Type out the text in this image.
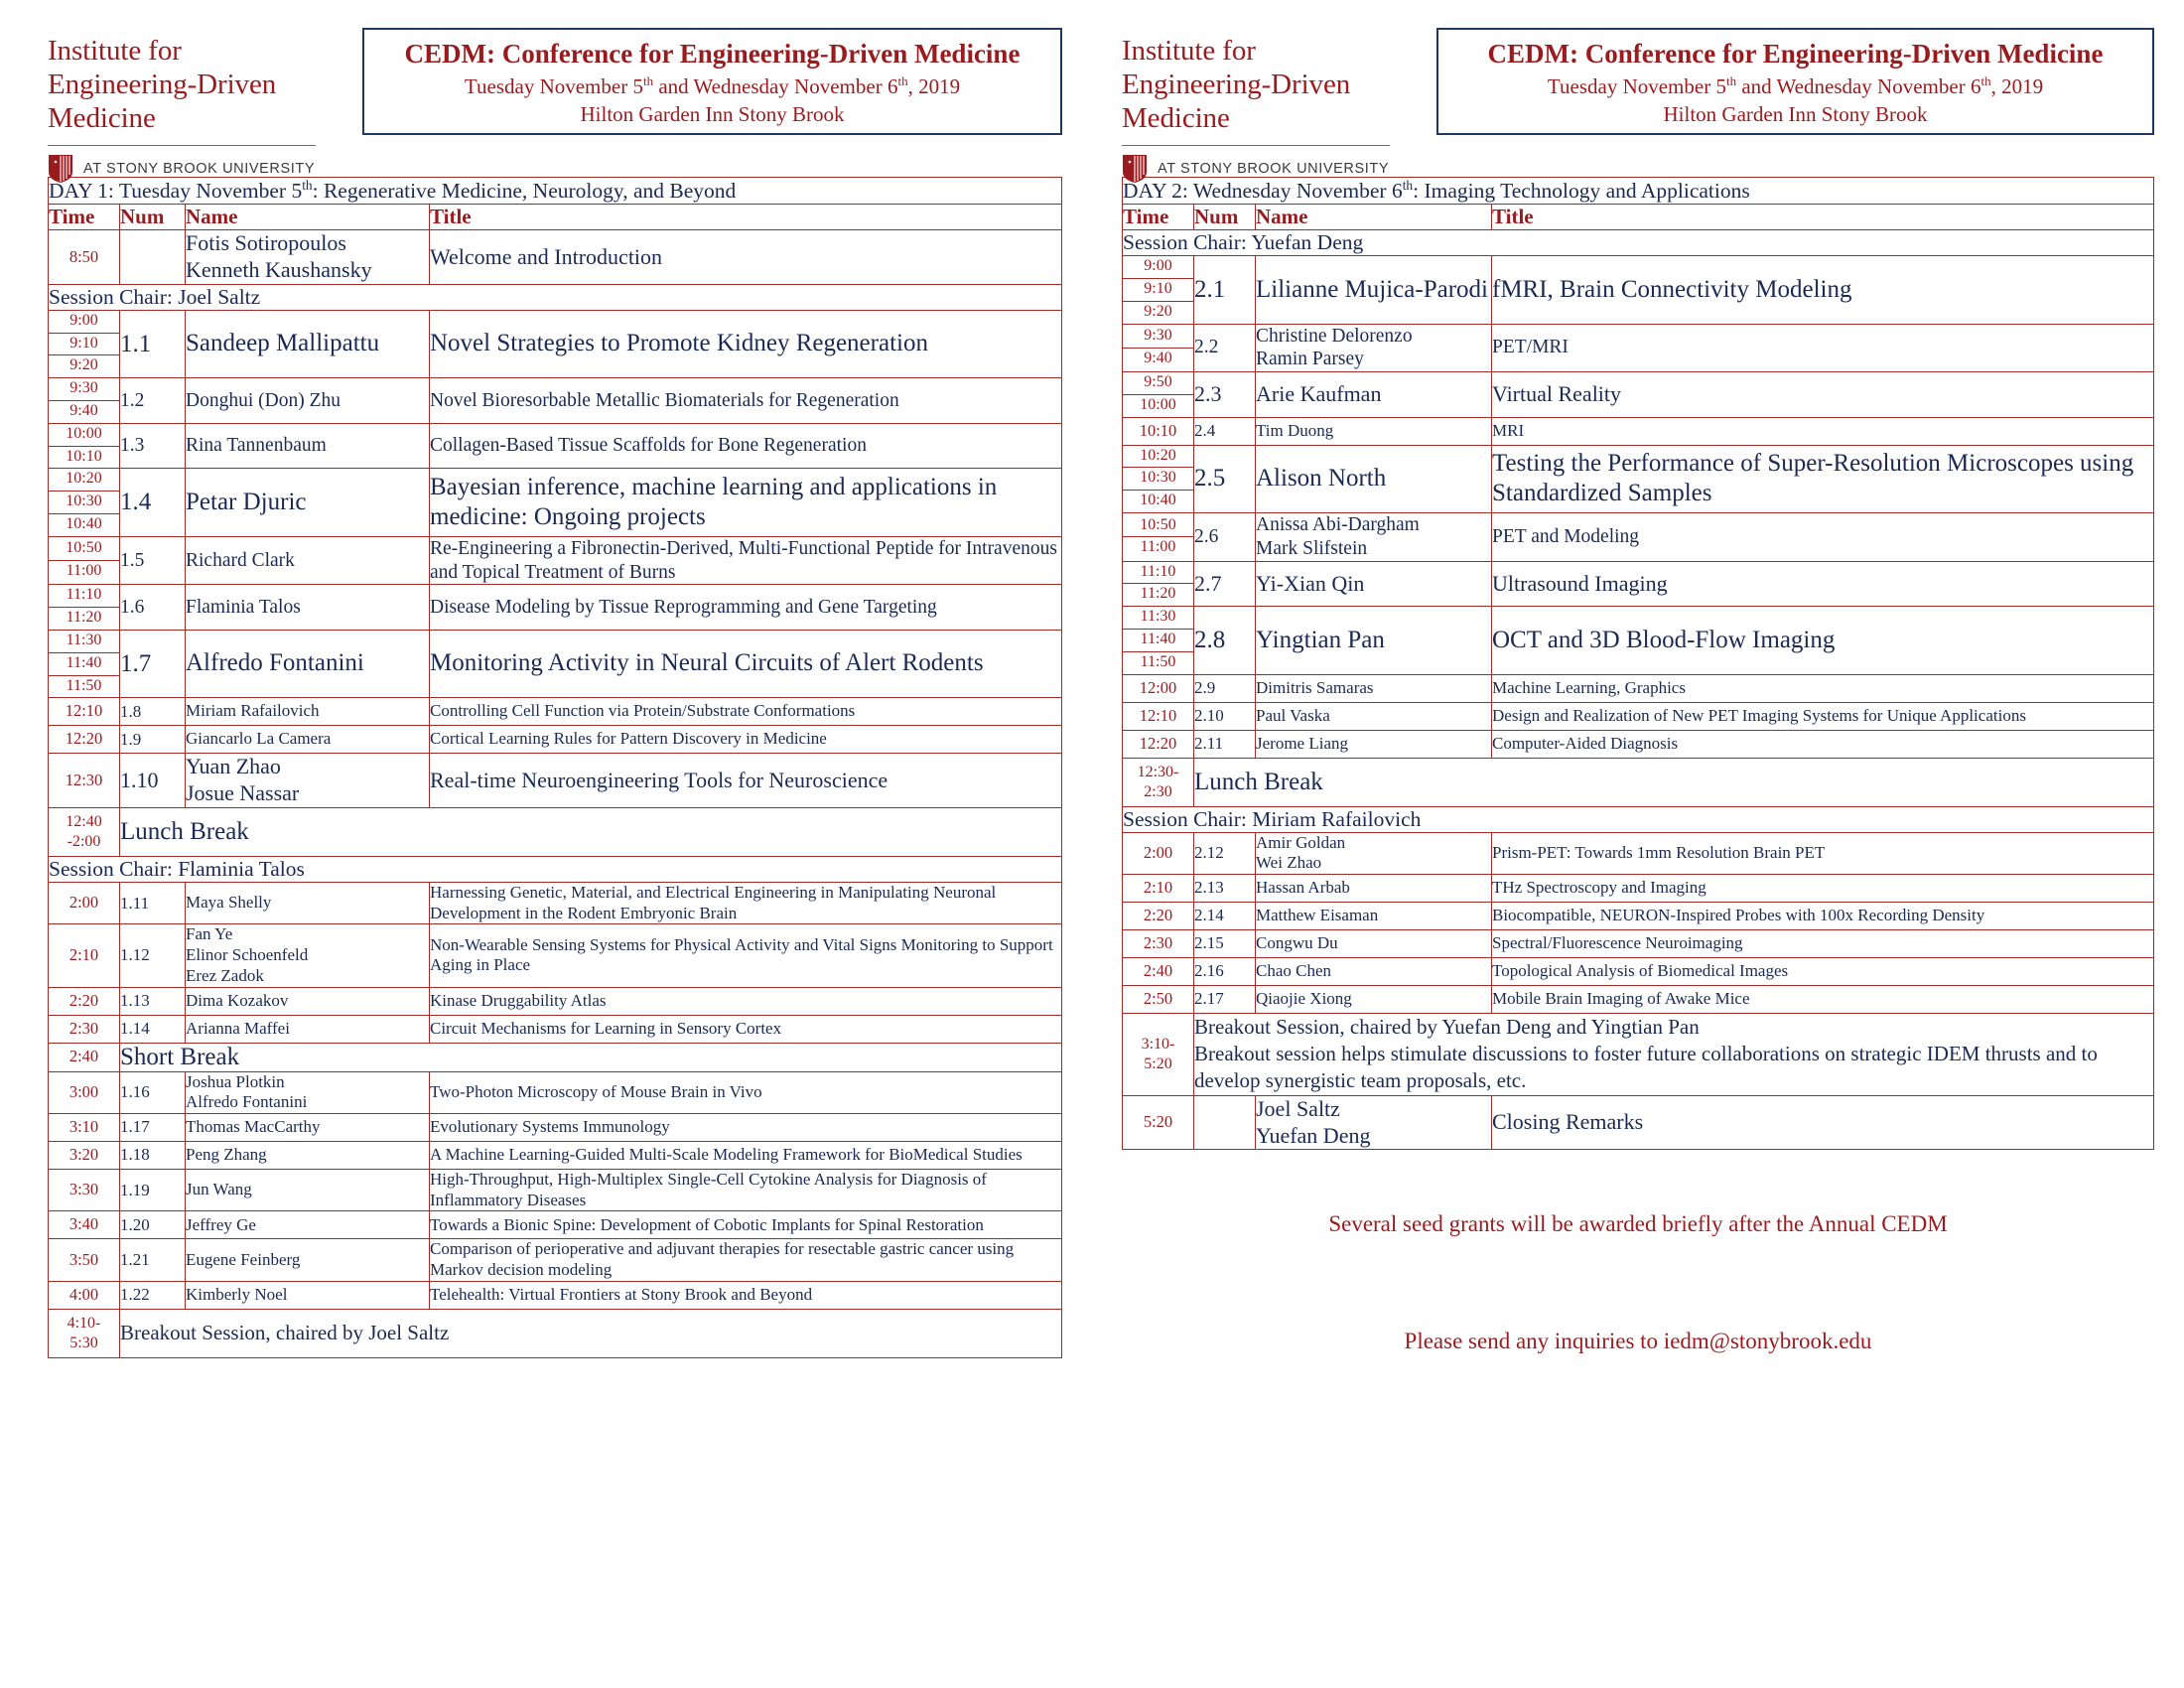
Institute for
Engineering-Driven
Medicine
AT STONY BROOK UNIVERSITY
CEDM: Conference for Engineering-Driven Medicine
Tuesday November 5th and Wednesday November 6th, 2019
Hilton Garden Inn Stony Brook
DAY 1: Tuesday November 5th: Regenerative Medicine, Neurology, and Beyond			
Time	Num	Name	Title

8:50		Fotis Sotiropoulos
Kenneth Kaushansky	Welcome and Introduction
Session Chair: Joel Saltz			

9:00
9:10
9:20	1.1	Sandeep Mallipattu	Novel Strategies to Promote Kidney Regeneration

9:30
9:40	1.2	Donghui (Don) Zhu	Novel Bioresorbable Metallic Biomaterials for Regeneration

10:00
10:10	1.3	Rina Tannenbaum	Collagen-Based Tissue Scaffolds for Bone Regeneration

10:20
10:30
10:40	1.4	Petar Djuric	Bayesian inference, machine learning and applications in medicine: Ongoing projects

10:50
11:00	1.5	Richard Clark	Re-Engineering a Fibronectin-Derived, Multi-Functional Peptide for Intravenous and Topical Treatment of Burns

11:10
11:20	1.6	Flaminia Talos	Disease Modeling by Tissue Reprogramming and Gene Targeting

11:30
11:40
11:50	1.7	Alfredo Fontanini	Monitoring Activity in Neural Circuits of Alert Rodents

12:10	1.8	Miriam Rafailovich	Controlling Cell Function via Protein/Substrate Conformations

12:20	1.9	Giancarlo La Camera	Cortical Learning Rules for Pattern Discovery in Medicine

12:30	1.10	Yuan Zhao
Josue Nassar	Real-time Neuroengineering Tools for Neuroscience

12:40
-2:00	Lunch Break		
Session Chair: Flaminia Talos			

2:00	1.11	Maya Shelly	Harnessing Genetic, Material, and Electrical Engineering in Manipulating Neuronal Development in the Rodent Embryonic Brain

2:10	1.12	Fan Ye
Elinor Schoenfeld
Erez Zadok	Non-Wearable Sensing Systems for Physical Activity and Vital Signs Monitoring to Support Aging in Place

2:20	1.13	Dima Kozakov	Kinase Druggability Atlas

2:30	1.14	Arianna Maffei	Circuit Mechanisms for Learning in Sensory Cortex

2:40	Short Break		

3:00	1.16	Joshua Plotkin
Alfredo Fontanini	Two-Photon Microscopy of Mouse Brain in Vivo

3:10	1.17	Thomas MacCarthy	Evolutionary Systems Immunology

3:20	1.18	Peng Zhang	A Machine Learning-Guided Multi-Scale Modeling Framework for BioMedical Studies

3:30	1.19	Jun Wang	High-Throughput, High-Multiplex Single-Cell Cytokine Analysis for Diagnosis of Inflammatory Diseases

3:40	1.20	Jeffrey Ge	Towards a Bionic Spine: Development of Cobotic Implants for Spinal Restoration

3:50	1.21	Eugene Feinberg	Comparison of perioperative and adjuvant therapies for resectable gastric cancer using Markov decision modeling

4:00	1.22	Kimberly Noel	Telehealth: Virtual Frontiers at Stony Brook and Beyond

4:10-
5:30	Breakout Session, chaired by Joel Saltz		
Institute for
Engineering-Driven
Medicine
AT STONY BROOK UNIVERSITY
CEDM: Conference for Engineering-Driven Medicine
Tuesday November 5th and Wednesday November 6th, 2019
Hilton Garden Inn Stony Brook
DAY 2: Wednesday November 6th: Imaging Technology and Applications			
Time	Num	Name	Title
Session Chair: Yuefan Deng			

9:00
9:10
9:20	2.1	Lilianne Mujica-Parodi	fMRI, Brain Connectivity Modeling

9:30
9:40	2.2	Christine Delorenzo
Ramin Parsey	PET/MRI

9:50
10:00	2.3	Arie Kaufman	Virtual Reality

10:10	2.4	Tim Duong	MRI

10:20
10:30
10:40	2.5	Alison North	Testing the Performance of Super-Resolution Microscopes using Standardized Samples

10:50
11:00	2.6	Anissa Abi-Dargham
Mark Slifstein	PET and Modeling

11:10
11:20	2.7	Yi-Xian Qin	Ultrasound Imaging

11:30
11:40
11:50	2.8	Yingtian Pan	OCT and 3D Blood-Flow Imaging

12:00	2.9	Dimitris Samaras	Machine Learning, Graphics

12:10	2.10	Paul Vaska	Design and Realization of New PET Imaging Systems for Unique Applications

12:20	2.11	Jerome Liang	Computer-Aided Diagnosis

12:30-
2:30	Lunch Break		
Session Chair: Miriam Rafailovich			

2:00	2.12	Amir Goldan
Wei Zhao	Prism-PET: Towards 1mm Resolution Brain PET

2:10	2.13	Hassan Arbab	THz Spectroscopy and Imaging

2:20	2.14	Matthew Eisaman	Biocompatible, NEURON-Inspired Probes with 100x Recording Density

2:30	2.15	Congwu Du	Spectral/Fluorescence Neuroimaging

2:40	2.16	Chao Chen	Topological Analysis of Biomedical Images

2:50	2.17	Qiaojie Xiong	Mobile Brain Imaging of Awake Mice

3:10-
5:20	Breakout Session, chaired by Yuefan Deng and Yingtian Pan
Breakout session helps stimulate discussions to foster future collaborations on strategic IDEM thrusts and to develop synergistic team proposals, etc.		

5:20		Joel Saltz
Yuefan Deng	Closing Remarks
Several seed grants will be awarded briefly after the Annual CEDM
Please send any inquiries to iedm@stonybrook.edu
